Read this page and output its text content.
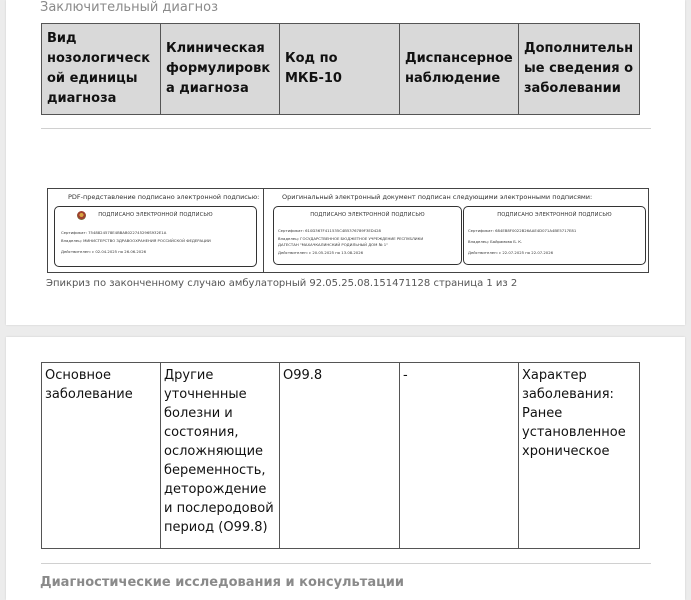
Заключительный диагноз
Вид нозологической единицы диагноза	Клиническая формулировка диагноза	Код по МКБ-10	Диспансерное наблюдение	Дополнительные сведения о заболевании
PDF-представление подписано электронной подписью:	Оригинальный электронный документ подписан следующими электронными подписями:
ПОДПИСАНО ЭЛЕКТРОННОЙ ПОДПИСЬЮ
Сертификат: 7548824578E4BBAB022745296S932E1A
Владелец: МИНИСТЕРСТВО ЗДРАВООХРАНЕНИЯ РОССИЙСКОЙ ФЕДЕРАЦИИ
Действителен: с 02.04.2025 по 26.06.2026
ПОДПИСАНО ЭЛЕКТРОННОЙ ПОДПИСЬЮ
Сертификат: 610D367F411535C4B5376789F3ED428
Владелец: ГОСУДАРСТВЕННОЕ БЮДЖЕТНОЕ УЧРЕЖДЕНИЕ РЕСПУБЛИКИ
ДАГЕСТАН "МАХАЧКАЛИНСКИЙ РОДИЛЬНЫЙ ДОМ № 1"
Действителен: с 20.05.2025 по 13.08.2026
ПОДПИСАНО ЭЛЕКТРОННОЙ ПОДПИСЬЮ
Сертификат: 684EB8F0022B26AAE4D071A4BE5717E81
Владелец: Байрамова Б. К.
Действителен: с 22.07.2025 по 22.07.2026
Эпикриз по законченному случаю амбулаторный 92.05.25.08.151471128 страница 1 из 2
Основное заболевание	Другие уточненные болезни и состояния, осложняющие беременность, деторождение и послеродовой период (O99.8)	O99.8	-	Характер заболевания: Ранее установленное хроническое
Диагностические исследования и консультации
